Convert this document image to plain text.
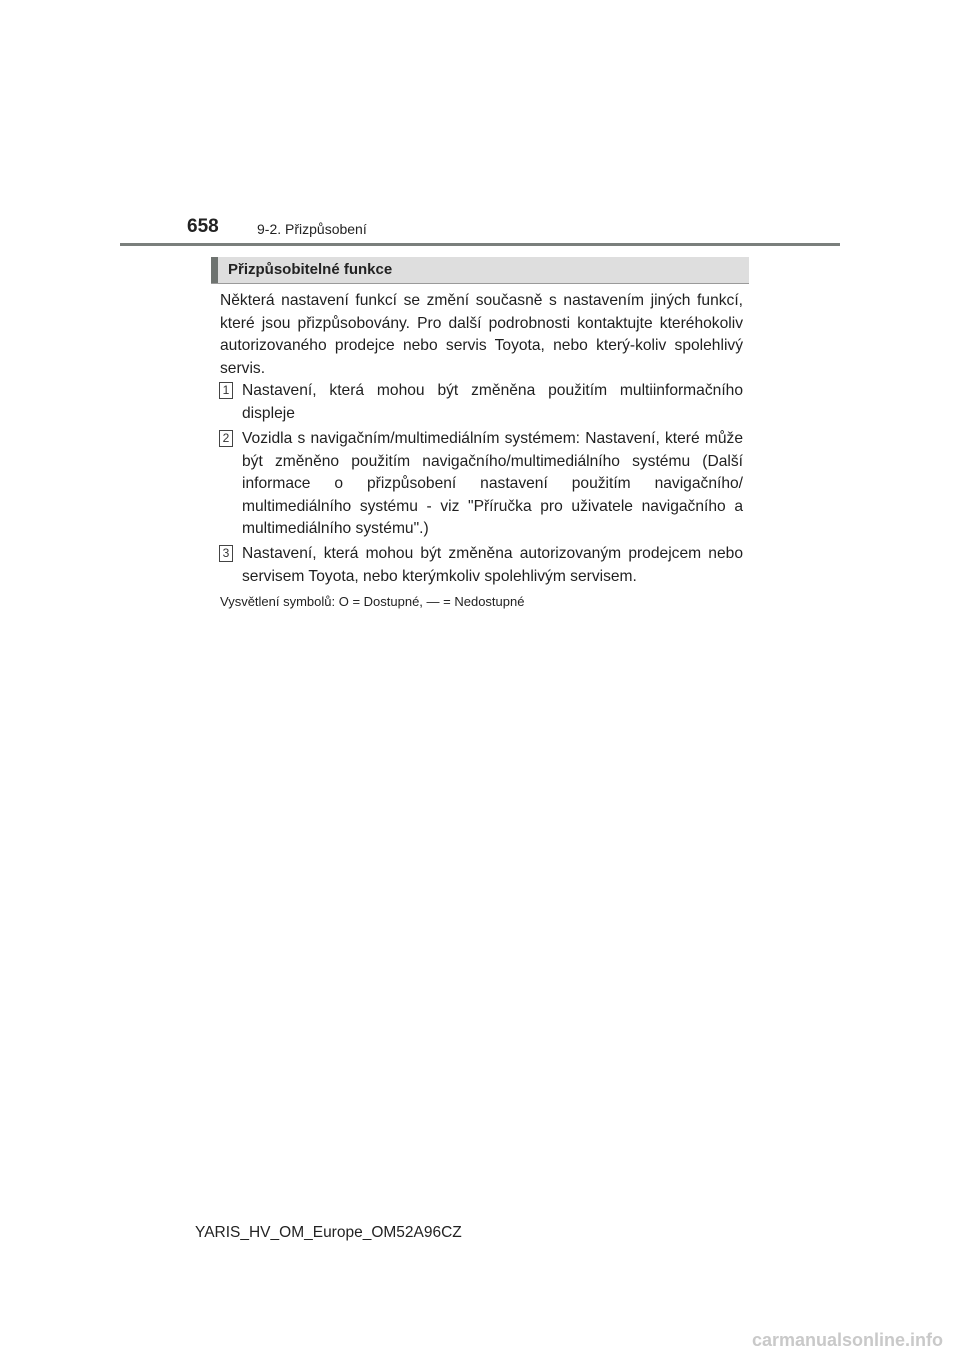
658	9-2. Přizpůsobení
Přizpůsobitelné funkce

Některá nastavení funkcí se změní současně s nastavením jiných funkcí, které jsou přizpůsobovány. Pro další podrobnosti kontaktujte kteréhokoliv autorizovaného prodejce nebo servis Toyota, nebo který-koliv spolehlivý servis.

1 Nastavení, která mohou být změněna použitím multiinformačního displeje

2 Vozidla s navigačním/multimediálním systémem: Nastavení, které může být změněno použitím navigačního/multimediálního systému (Další informace o přizpůsobení nastavení použitím navigačního/ multimediálního systému - viz "Příručka pro uživatele navigačního a multimediálního systému".)

3 Nastavení, která mohou být změněna autorizovaným prodejcem nebo servisem Toyota, nebo kterýmkoliv spolehlivým servisem.

Vysvětlení symbolů: O = Dostupné, — = Nedostupné
YARIS_HV_OM_Europe_OM52A96CZ
carmanualsonline.info
